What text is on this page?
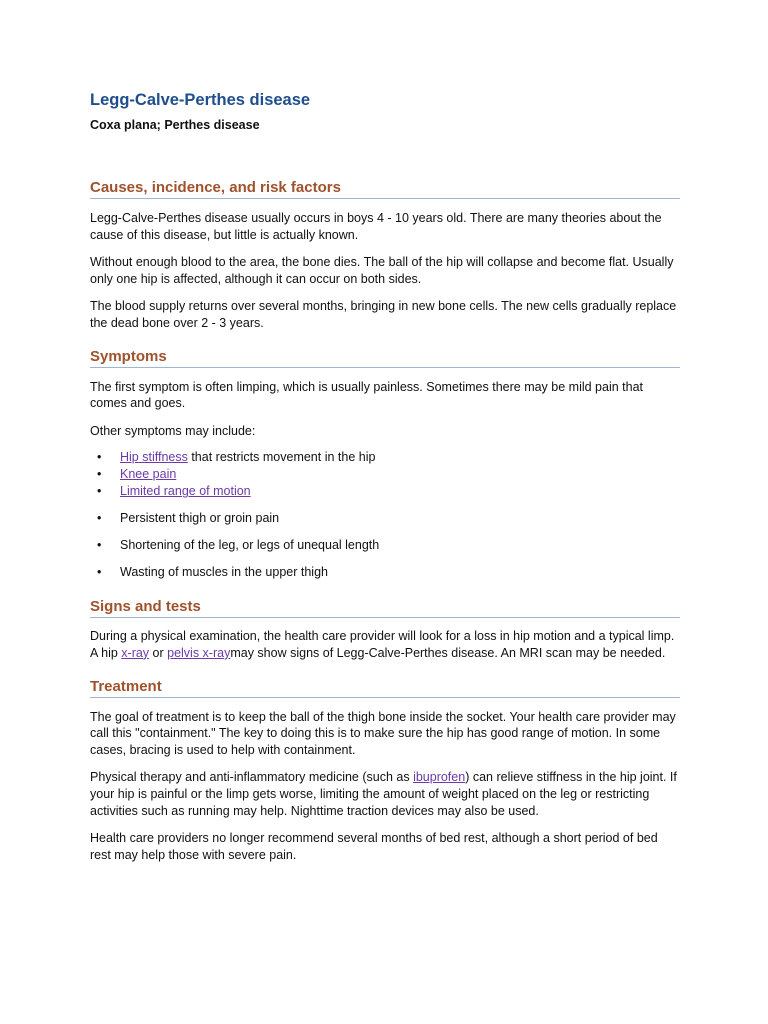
Legg-Calve-Perthes disease
Coxa plana; Perthes disease
Causes, incidence, and risk factors

Legg-Calve-Perthes disease usually occurs in boys 4 - 10 years old. There are many theories about the cause of this disease, but little is actually known.

Without enough blood to the area, the bone dies. The ball of the hip will collapse and become flat. Usually only one hip is affected, although it can occur on both sides.

The blood supply returns over several months, bringing in new bone cells. The new cells gradually replace the dead bone over 2 - 3 years.

Symptoms

The first symptom is often limping, which is usually painless. Sometimes there may be mild pain that comes and goes.

Other symptoms may include:

• Hip stiffness that restricts movement in the hip
• Knee pain
• Limited range of motion
• Persistent thigh or groin pain
• Shortening of the leg, or legs of unequal length
• Wasting of muscles in the upper thigh
Signs and tests

During a physical examination, the health care provider will look for a loss in hip motion and a typical limp. A hip x-ray or pelvis x-raymay show signs of Legg-Calve-Perthes disease. An MRI scan may be needed.

Treatment

The goal of treatment is to keep the ball of the thigh bone inside the socket. Your health care provider may call this "containment." The key to doing this is to make sure the hip has good range of motion. In some cases, bracing is used to help with containment.

Physical therapy and anti-inflammatory medicine (such as ibuprofen) can relieve stiffness in the hip joint. If your hip is painful or the limp gets worse, limiting the amount of weight placed on the leg or restricting activities such as running may help. Nighttime traction devices may also be used.

Health care providers no longer recommend several months of bed rest, although a short period of bed rest may help those with severe pain.
